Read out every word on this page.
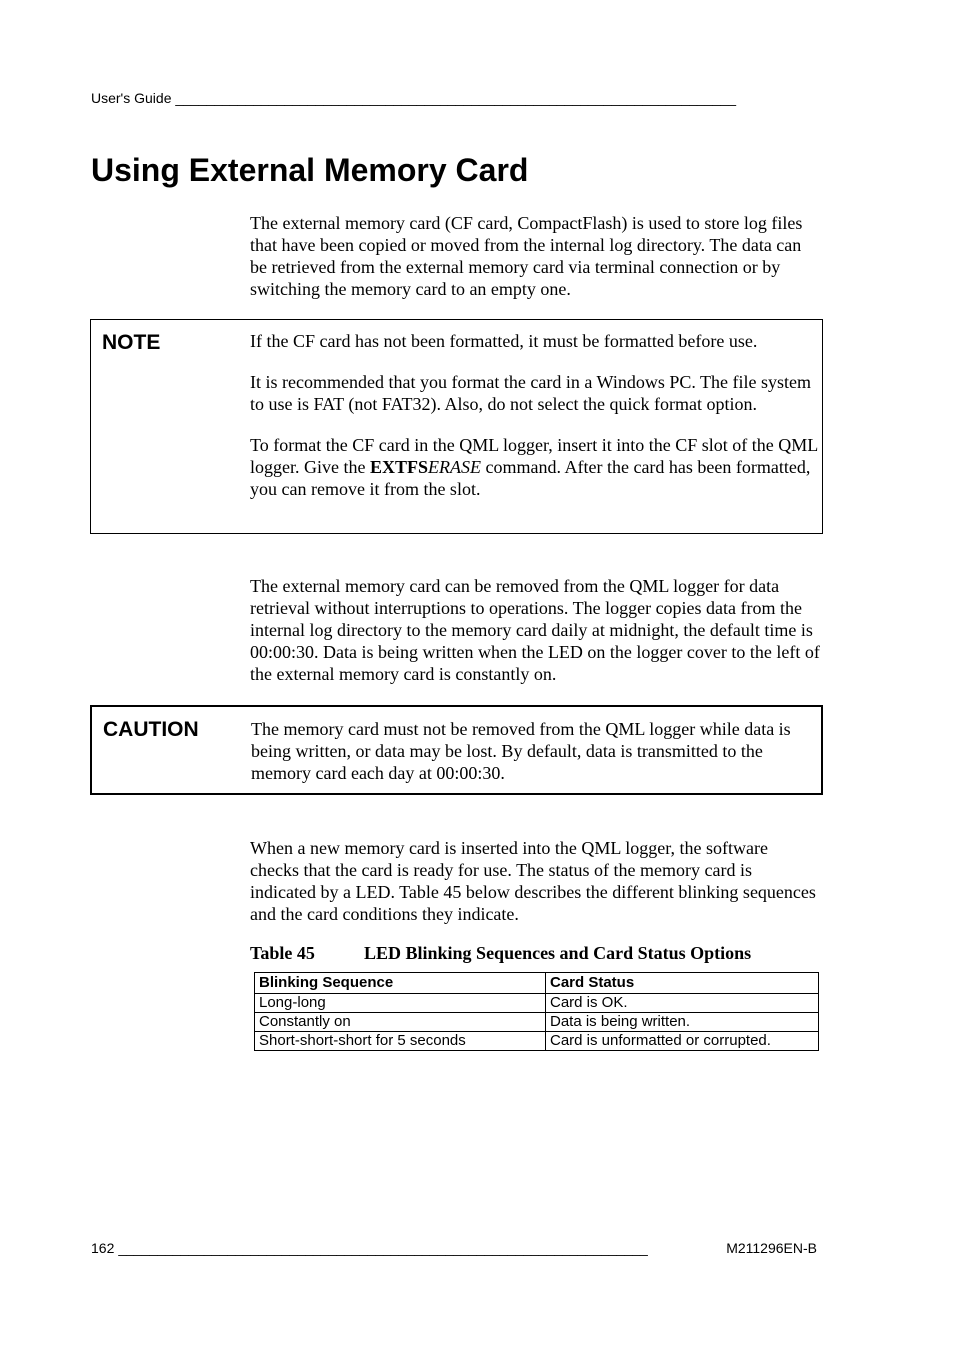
User's Guide ________________________________________________________________________
Using External Memory Card

The external memory card (CF card, CompactFlash) is used to store log files that have been copied or moved from the internal log directory. The data can be retrieved from the external memory card via terminal connection or by switching the memory card to an empty one.

NOTE	If the CF card has not been formatted, it must be formatted before use.

It is recommended that you format the card in a Windows PC. The file system to use is FAT (not FAT32). Also, do not select the quick format option.

To format the CF card in the QML logger, insert it into the CF slot of the QML logger. Give the EXTFSERASE command. After the card has been formatted, you can remove it from the slot.

The external memory card can be removed from the QML logger for data retrieval without interruptions to operations. The logger copies data from the internal log directory to the memory card daily at midnight, the default time is 00:00:30. Data is being written when the LED on the logger cover to the left of the external memory card is constantly on.

CAUTION	The memory card must not be removed from the QML logger while data is being written, or data may be lost. By default, data is transmitted to the memory card each day at 00:00:30.

When a new memory card is inserted into the QML logger, the software checks that the card is ready for use. The status of the memory card is indicated by a LED. Table 45 below describes the different blinking sequences and the card conditions they indicate.

Table 45	LED Blinking Sequences and Card Status Options
Blinking Sequence	Card Status
Long-long	Card is OK.
Constantly on	Data is being written.
Short-short-short for 5 seconds	Card is unformatted or corrupted.
162 ____________________________________________________________________	M211296EN-B
